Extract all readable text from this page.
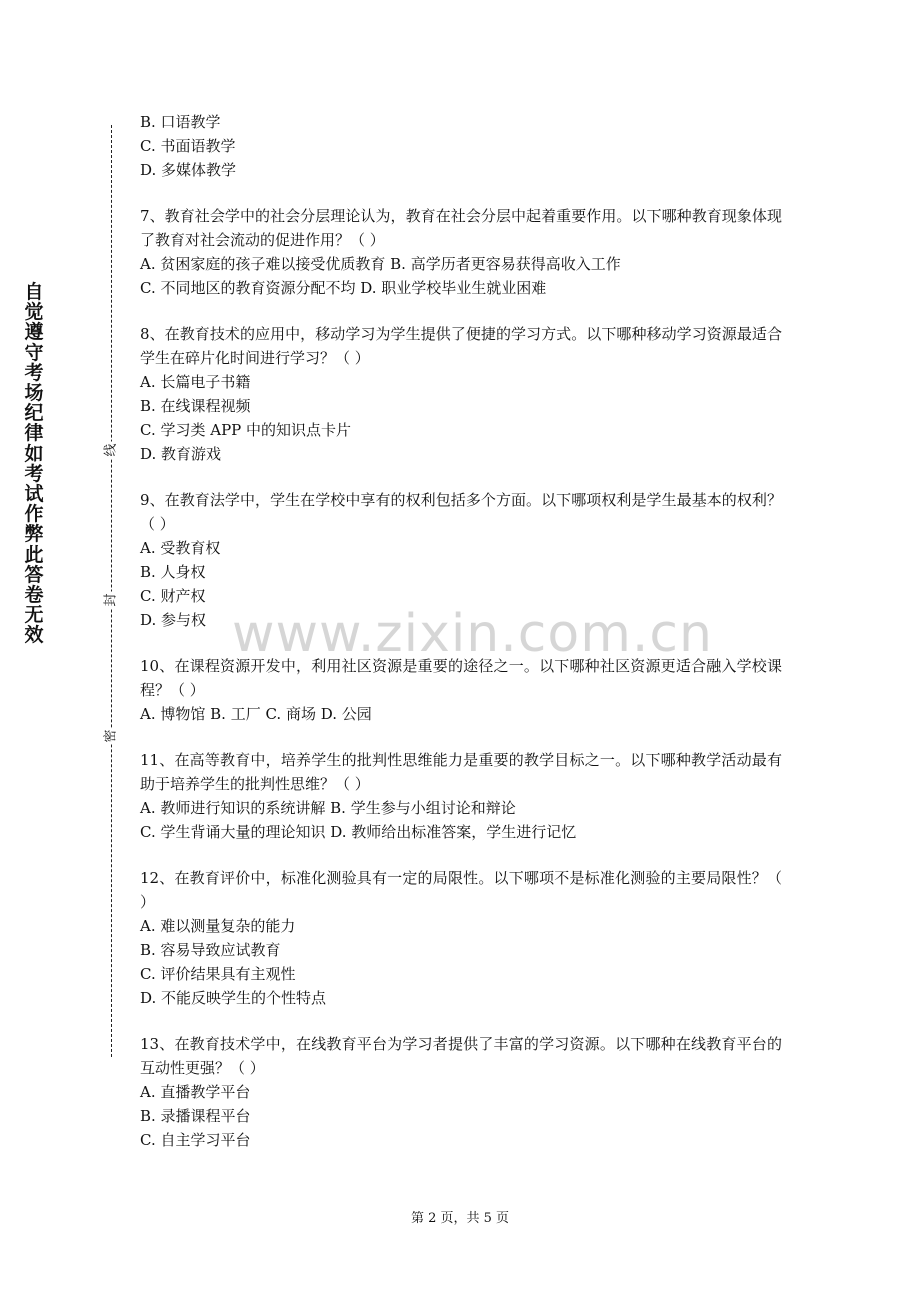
自觉遵守考场纪律如考试作弊此答卷无效
线
封
密
www.zixin.com.cn

B. 口语教学

C. 书面语教学

D. 多媒体教学

7、教育社会学中的社会分层理论认为，教育在社会分层中起着重要作用。以下哪种教育现象体现了教育对社会流动的促进作用？（ ）

A. 贫困家庭的孩子难以接受优质教育 B. 高学历者更容易获得高收入工作

C. 不同地区的教育资源分配不均 D. 职业学校毕业生就业困难

8、在教育技术的应用中，移动学习为学生提供了便捷的学习方式。以下哪种移动学习资源最适合学生在碎片化时间进行学习？（ ）

A. 长篇电子书籍

B. 在线课程视频

C. 学习类 APP 中的知识点卡片

D. 教育游戏

9、在教育法学中，学生在学校中享有的权利包括多个方面。以下哪项权利是学生最基本的权利？（ ）

A. 受教育权

B. 人身权

C. 财产权

D. 参与权

10、在课程资源开发中，利用社区资源是重要的途径之一。以下哪种社区资源更适合融入学校课程？（ ）

A. 博物馆 B. 工厂 C. 商场 D. 公园

11、在高等教育中，培养学生的批判性思维能力是重要的教学目标之一。以下哪种教学活动最有助于培养学生的批判性思维？（ ）

A. 教师进行知识的系统讲解 B. 学生参与小组讨论和辩论

C. 学生背诵大量的理论知识 D. 教师给出标准答案，学生进行记忆

12、在教育评价中，标准化测验具有一定的局限性。以下哪项不是标准化测验的主要局限性？（ ）

A. 难以测量复杂的能力

B. 容易导致应试教育

C. 评价结果具有主观性

D. 不能反映学生的个性特点

13、在教育技术学中，在线教育平台为学习者提供了丰富的学习资源。以下哪种在线教育平台的互动性更强？（ ）

A. 直播教学平台

B. 录播课程平台

C. 自主学习平台

第 2 页，共 5 页
